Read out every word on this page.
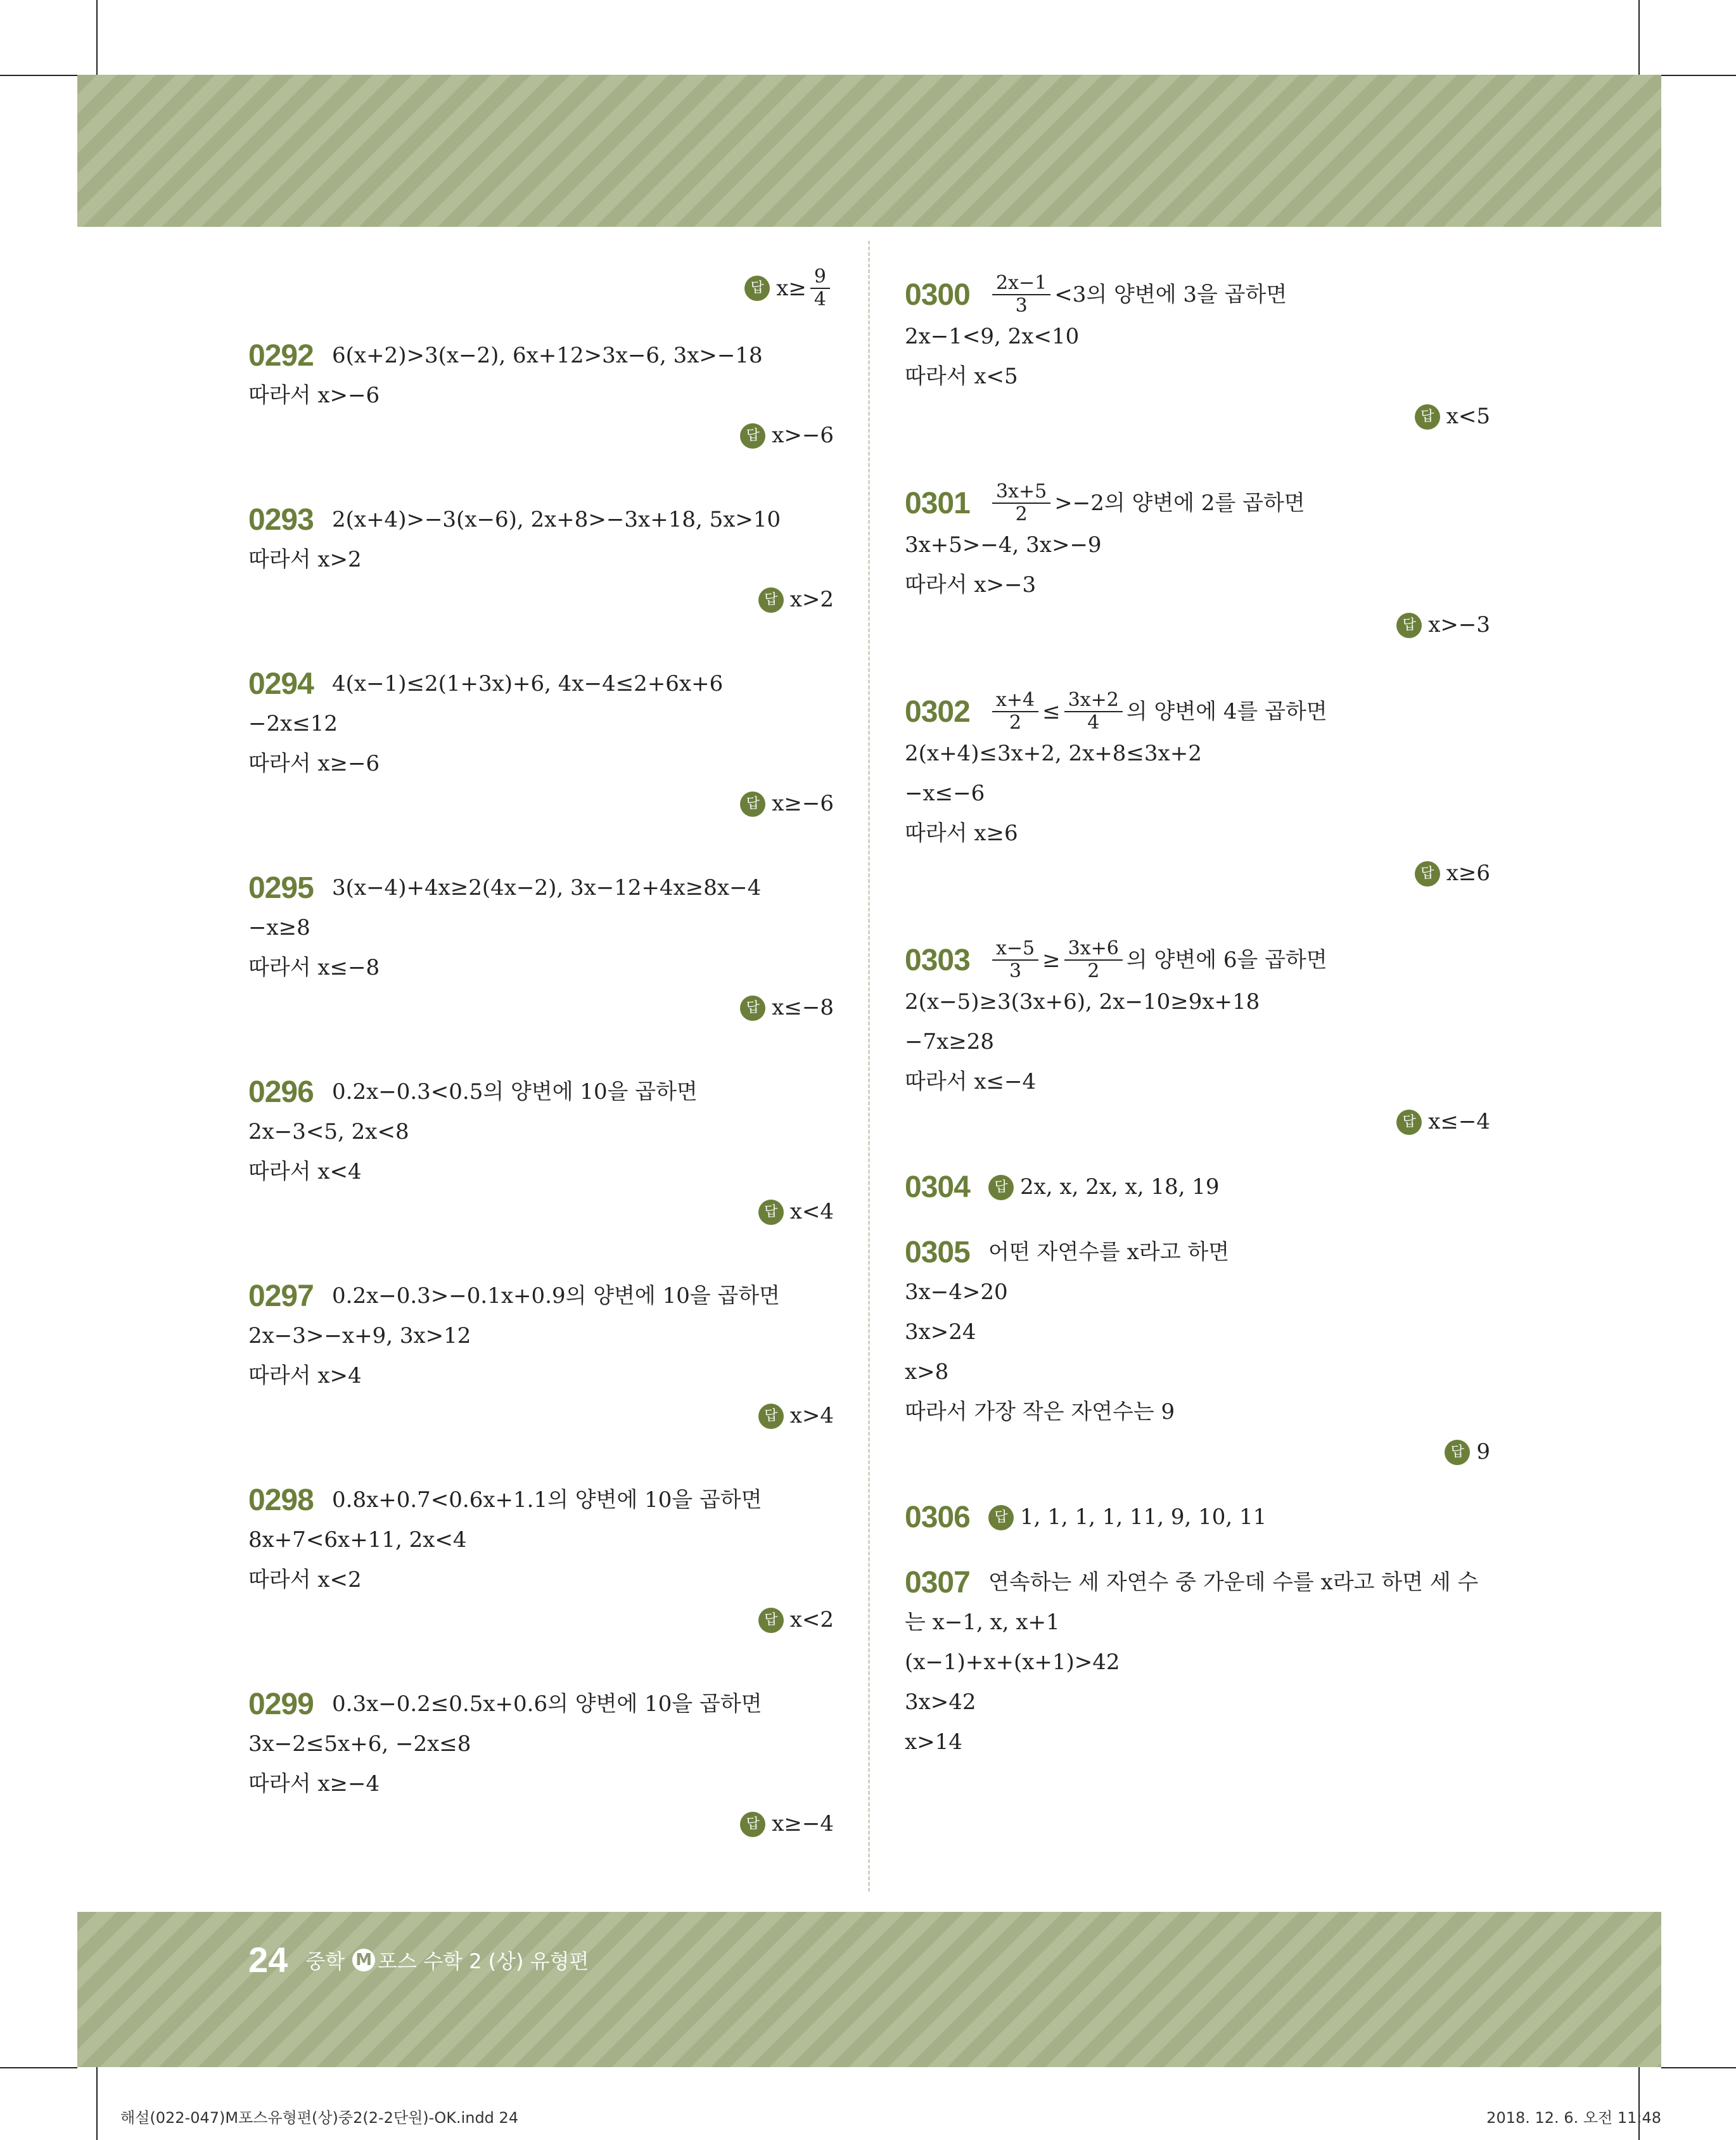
답 $x\ge \frac{9}{4}$
0292 6(x+2)>3(x−2), 6x+12>3x−6, 3x>−18
따라서 x>−6
답 x>−6
0293 2(x+4)>−3(x−6), 2x+8>−3x+18, 5x>10
따라서 x>2
답 x>2
0294 4(x−1)≤2(1+3x)+6, 4x−4≤2+6x+6
−2x≤12
따라서 x≥−6
답 x≥−6
0295 3(x−4)+4x≥2(4x−2), 3x−12+4x≥8x−4
−x≥8
따라서 x≤−8
답 x≤−8
0296 0.2x−0.3<0.5의 양변에 10을 곱하면
2x−3<5, 2x<8
따라서 x<4
답 x<4
0297 0.2x−0.3>−0.1x+0.9의 양변에 10을 곱하면
2x−3>−x+9, 3x>12
따라서 x>4
답 x>4
0298 0.8x+0.7<0.6x+1.1의 양변에 10을 곱하면
8x+7<6x+11, 2x<4
따라서 x<2
답 x<2
0299 0.3x−0.2≤0.5x+0.6의 양변에 10을 곱하면
3x−2≤5x+6, −2x≤8
따라서 x≥−4
답 x≥−4
0300	$\frac{2x-1}{3} <3$의 양변에 3을 곱하면
2x−1<9, 2x<10
따라서 x<5
답 x<5
0301	$\frac{3x+5}{2} >-2$의 양변에 2를 곱하면
3x+5>−4, 3x>−9
따라서 x>−3
답 x>−3
0302	$\frac{x+4}{2} \le \frac{3x+2}{4}$ 의 양변에 4를 곱하면
2(x+4)≤3x+2, 2x+8≤3x+2
−x≤−6
따라서 x≥6
답 x≥6
0303	$\frac{x-5}{3} \ge \frac{3x+6}{2}$ 의 양변에 6을 곱하면
2(x−5)≥3(3x+6), 2x−10≥9x+18
−7x≥28
따라서 x≤−4
답 x≤−4
0304	답 2x, x, 2x, x, 18, 19
0305 어떤 자연수를 x라고 하면
3x−4>20
3x>24
x>8
따라서 가장 작은 자연수는 9
답 9
0306	답 1, 1, 1, 1, 11, 9, 10, 11
0307 연속하는 세 자연수 중 가운데 수를 x라고 하면 세 수
는 x−1, x, x+1
(x−1)+x+(x+1)>42
3x>42
x>14
24 중학 M 포스 수학 2 (상) 유형편
해설(022-047)M포스유형편(상)중2(2-2단원)-OK.indd 24	2018. 12. 6. 오전 11:48
